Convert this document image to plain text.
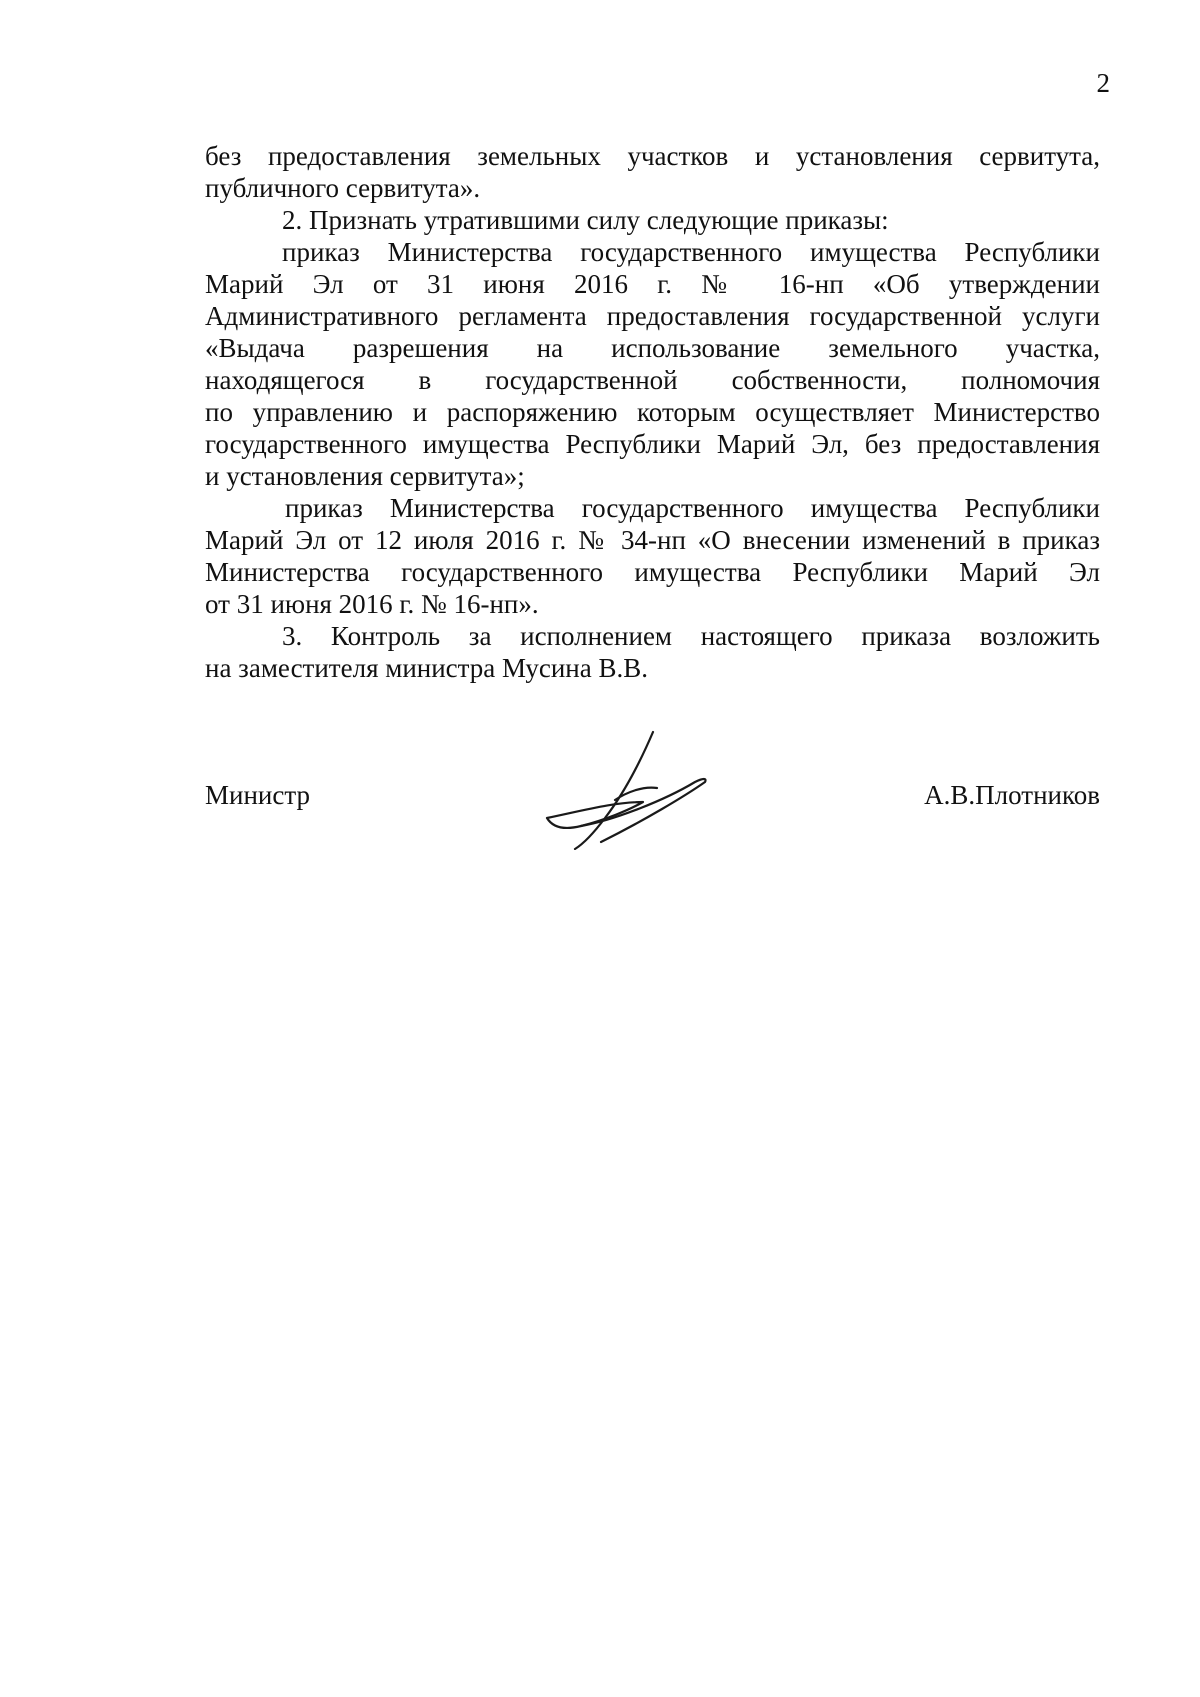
2
без предоставления земельных участков и установления сервитута,
публичного сервитута».
2. Признать утратившими силу следующие приказы:
приказ Министерства государственного имущества Республики
Марий Эл от 31 июня 2016 г. № 16-нп «Об утверждении
Административного регламента предоставления государственной услуги
«Выдача разрешения на использование земельного участка,
находящегося в государственной собственности, полномочия
по управлению и распоряжению которым осуществляет Министерство
государственного имущества Республики Марий Эл, без предоставления
и установления сервитута»;
приказ Министерства государственного имущества Республики
Марий Эл от 12 июля 2016 г. № 34-нп «О внесении изменений в приказ
Министерства государственного имущества Республики Марий Эл
от 31 июня 2016 г. № 16-нп».
3. Контроль за исполнением настоящего приказа возложить
на заместителя министра Мусина В.В.
Министр	А.В.Плотников
